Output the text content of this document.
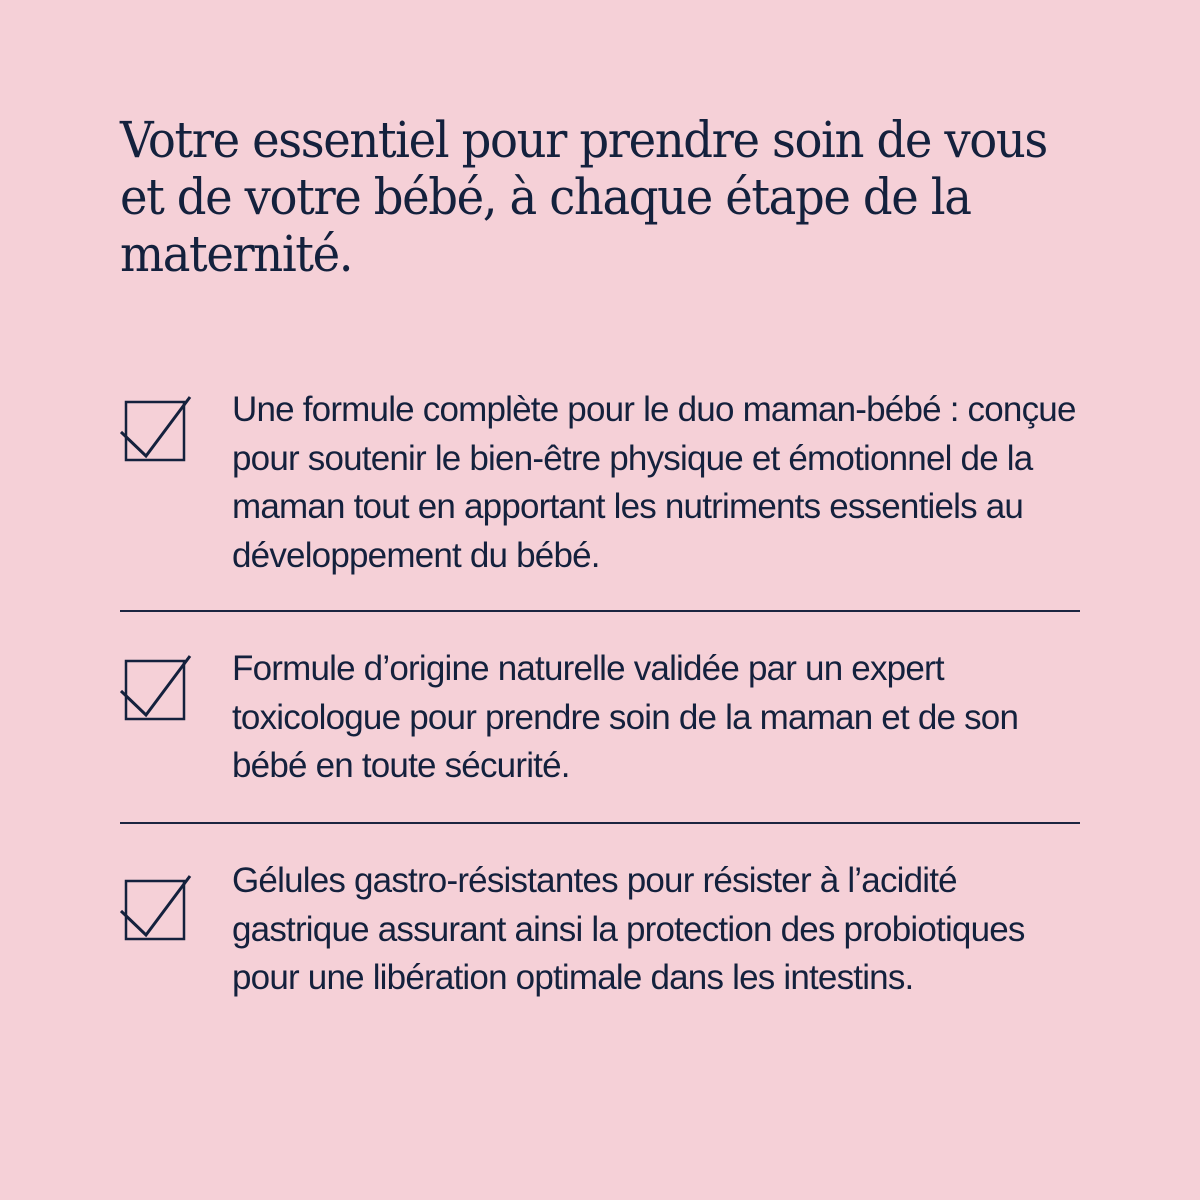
Votre essentiel pour prendre soin de vous et de votre bébé, à chaque étape de la maternité.

Une formule complète pour le duo maman-bébé : conçue pour soutenir le bien-être physique et émotionnel de la maman tout en apportant les nutriments essentiels au développement du bébé.

Formule d’origine naturelle validée par un expert toxicologue pour prendre soin de la maman et de son bébé en toute sécurité.

Gélules gastro-résistantes pour résister à l’acidité gastrique assurant ainsi la protection des probiotiques pour une libération optimale dans les intestins.
